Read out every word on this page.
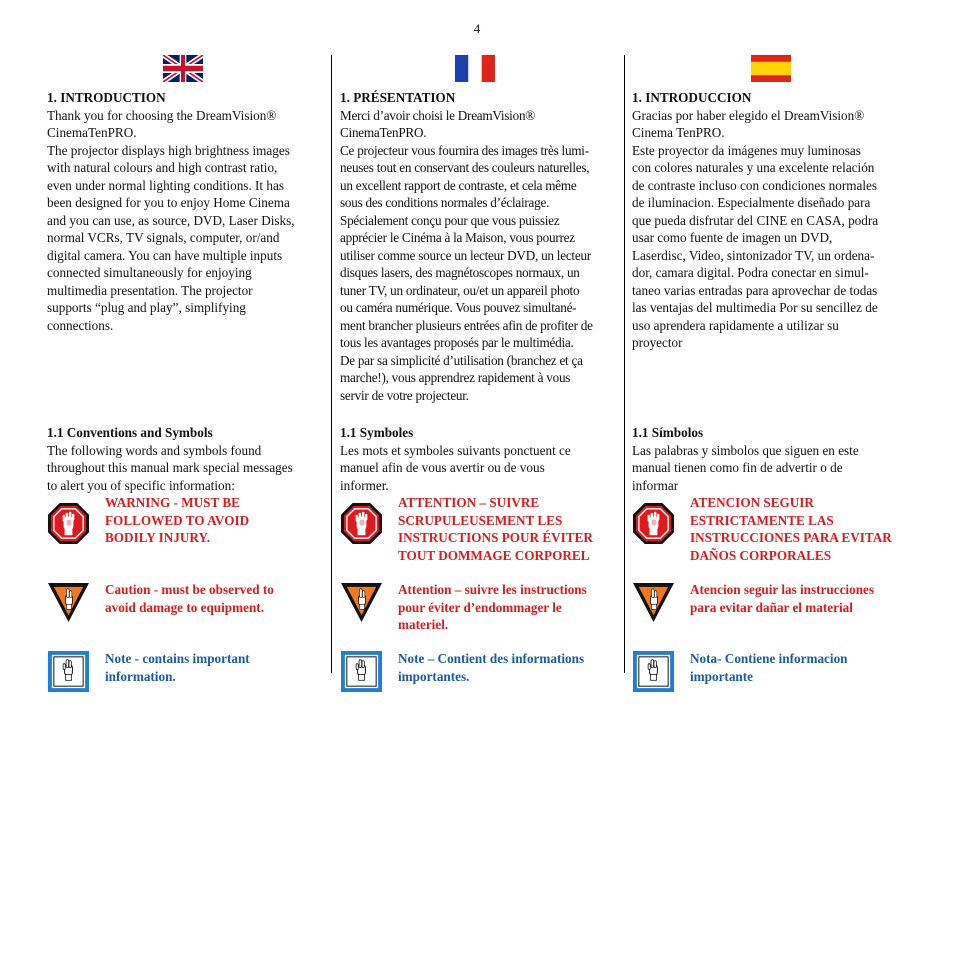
4
1. INTRODUCTION
Thank you for choosing the DreamVision®
CinemaTenPRO.
The projector displays high brightness images
with natural colours and high contrast ratio,
even under normal lighting conditions. It has
been designed for you to enjoy Home Cinema
and you can use, as source, DVD, Laser Disks,
normal VCRs, TV signals, computer, or/and
digital camera. You can have multiple inputs
connected simultaneously for enjoying
multimedia presentation. The projector
supports “plug and play”, simplifying
connections.
1.1 Conventions and Symbols
The following words and symbols found
throughout this manual mark special messages
to alert you of specific information:
WARNING - MUST BE
FOLLOWED TO AVOID
BODILY INJURY.
Caution - must be observed to
avoid damage to equipment.
Note - contains important
information.
1. PRÉSENTATION
Merci d’avoir choisi le DreamVision®
CinemaTenPRO.
Ce projecteur vous fournira des images très lumi-
neuses tout en conservant des couleurs naturelles,
un excellent rapport de contraste, et cela même
sous des conditions normales d’éclairage.
Spécialement conçu pour que vous puissiez
apprécier le Cinéma à la Maison, vous pourrez
utiliser comme source un lecteur DVD, un lecteur
disques lasers, des magnétoscopes normaux, un
tuner TV, un ordinateur, ou/et un appareil photo
ou caméra numérique. Vous pouvez simultané-
ment brancher plusieurs entrées afin de profiter de
tous les avantages proposés par le multimédia.
De par sa simplicité d’utilisation (branchez et ça
marche!), vous apprendrez rapidement à vous
servir de votre projecteur.
1.1 Symboles
Les mots et symboles suivants ponctuent ce
manuel afin de vous avertir ou de vous
informer.
ATTENTION – SUIVRE
SCRUPULEUSEMENT LES
INSTRUCTIONS POUR ÉVITER
TOUT DOMMAGE CORPOREL
Attention – suivre les instructions
pour éviter d’endommager le
materiel.
Note – Contient des informations
importantes.
1. INTRODUCCION
Gracias por haber elegido el DreamVision®
Cinema TenPRO.
Este proyector da imágenes muy luminosas
con colores naturales y una excelente relación
de contraste incluso con condiciones normales
de iluminacion. Especialmente diseñado para
que pueda disfrutar del CINE en CASA, podra
usar como fuente de imagen un DVD,
Laserdisc, Video, sintonizador TV, un ordena-
dor, camara digital. Podra conectar en simul-
taneo varias entradas para aprovechar de todas
las ventajas del multimedia Por su sencillez de
uso aprendera rapidamente a utilizar su
proyector
1.1 Símbolos
Las palabras y simbolos que siguen en este
manual tienen como fin de advertir o de
informar
ATENCION SEGUIR
ESTRICTAMENTE LAS
INSTRUCCIONES PARA EVITAR
DAÑOS CORPORALES
Atencion seguir las instrucciones
para evitar dañar el material
Nota- Contiene informacion
importante
